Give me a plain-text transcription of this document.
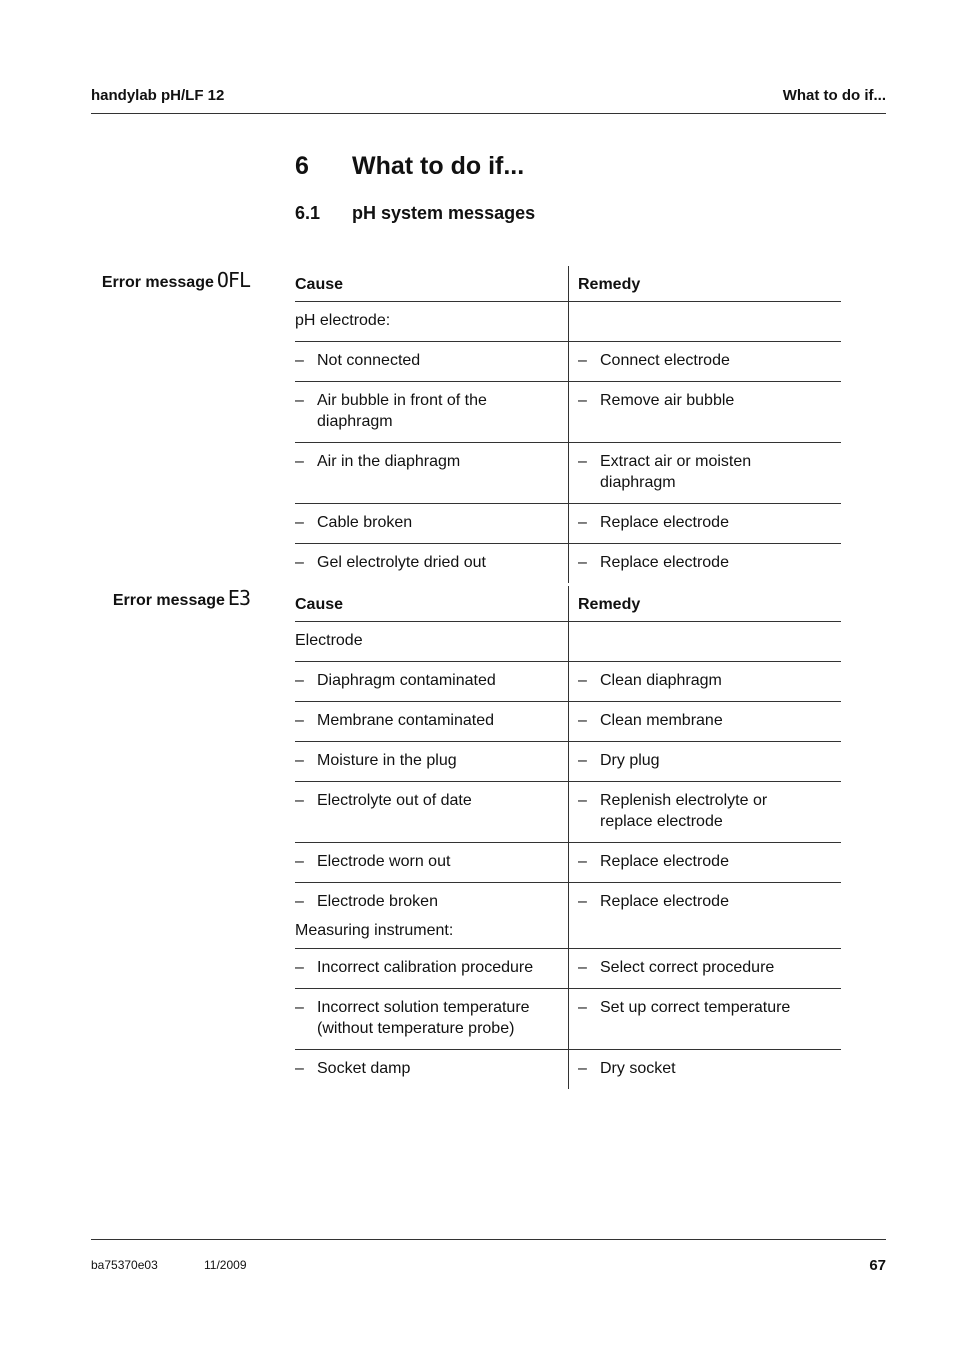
handylab pH/LF 12	What to do if...
6 What to do if...
6.1 pH system messages
Error message OFL	Cause	Remedy
pH electrode:	
– Not connected	– Connect electrode
– Air bubble in front of the diaphragm	– Remove air bubble
– Air in the diaphragm	– Extract air or moisten diaphragm
– Cable broken	– Replace electrode
– Gel electrolyte dried out	– Replace electrode
Error message E3	Cause	Remedy
Electrode	
– Diaphragm contaminated	– Clean diaphragm
– Membrane contaminated	– Clean membrane
– Moisture in the plug	– Dry plug
– Electrolyte out of date	– Replenish electrolyte or replace electrode
– Electrode worn out	– Replace electrode
– Electrode broken	– Replace electrode
Measuring instrument:	
– Incorrect calibration procedure	– Select correct procedure
– Incorrect solution temperature (without temperature probe)	– Set up correct temperature
– Socket damp	– Dry socket
ba75370e03	11/2009	67
